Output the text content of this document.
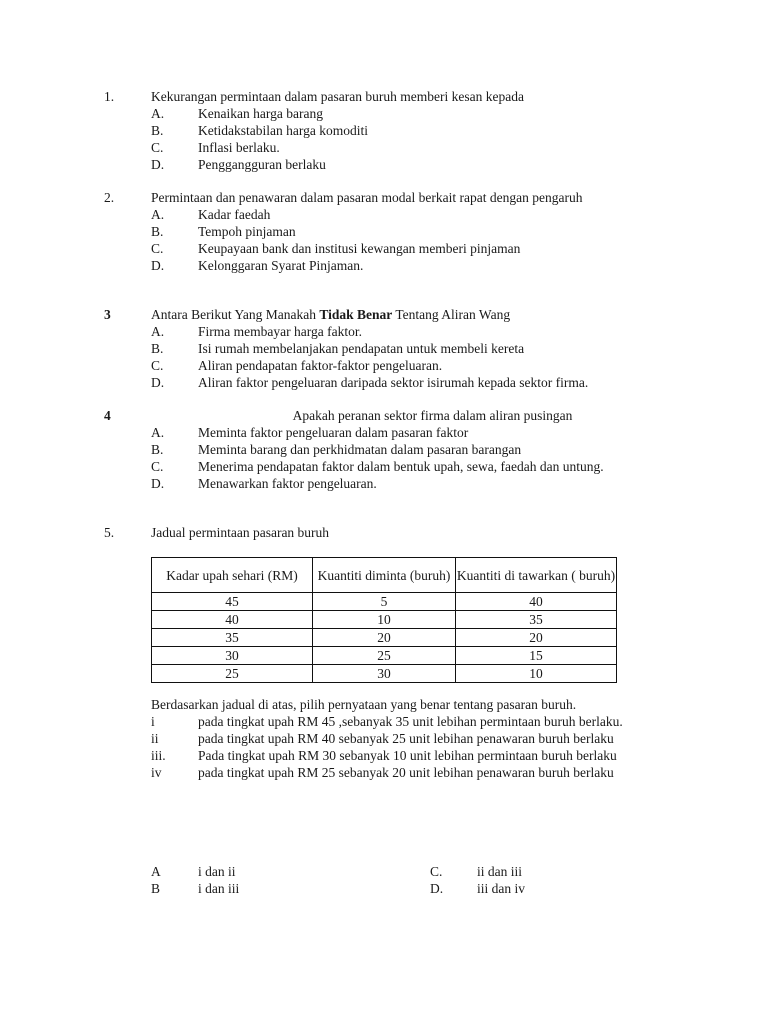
1.	Kekurangan permintaan dalam pasaran buruh memberi kesan kepada
A.	Kenaikan harga barang
B.	Ketidakstabilan harga komoditi
C.	Inflasi berlaku.
D.	Penggangguran berlaku
2.	Permintaan dan penawaran dalam pasaran modal berkait rapat dengan pengaruh
A.	Kadar faedah
B.	Tempoh pinjaman
C.	Keupayaan bank dan institusi kewangan memberi pinjaman
D.	Kelonggaran Syarat Pinjaman.
3	Antara Berikut Yang Manakah Tidak Benar Tentang Aliran Wang
A.	Firma membayar harga faktor.
B.	Isi rumah membelanjakan pendapatan untuk membeli kereta
C.	Aliran pendapatan faktor-faktor pengeluaran.
D.	Aliran faktor pengeluaran daripada sektor isirumah kepada sektor firma.
4	Apakah peranan sektor firma dalam aliran pusingan
A.	Meminta faktor pengeluaran dalam pasaran faktor
B.	Meminta barang dan perkhidmatan dalam pasaran barangan
C.	Menerima pendapatan faktor dalam bentuk upah, sewa, faedah dan untung.
D.	Menawarkan faktor pengeluaran.
5.	Jadual permintaan pasaran buruh
Kadar upah sehari (RM)	Kuantiti diminta (buruh)	Kuantiti di tawarkan ( buruh)
45	5	40
40	10	35
35	20	20
30	25	15
25	30	10
Berdasarkan jadual di atas, pilih pernyataan yang benar tentang pasaran buruh.
i	pada tingkat upah RM 45 ,sebanyak 35 unit lebihan permintaan buruh berlaku.
ii	pada tingkat upah RM 40 sebanyak 25 unit lebihan penawaran buruh berlaku
iii.	Pada tingkat upah RM 30 sebanyak 10 unit lebihan permintaan buruh berlaku
iv	pada tingkat upah RM 25 sebanyak 20 unit lebihan penawaran buruh berlaku
A	i dan ii	C.	ii dan iii
B	i dan iii	D.	iii dan iv
